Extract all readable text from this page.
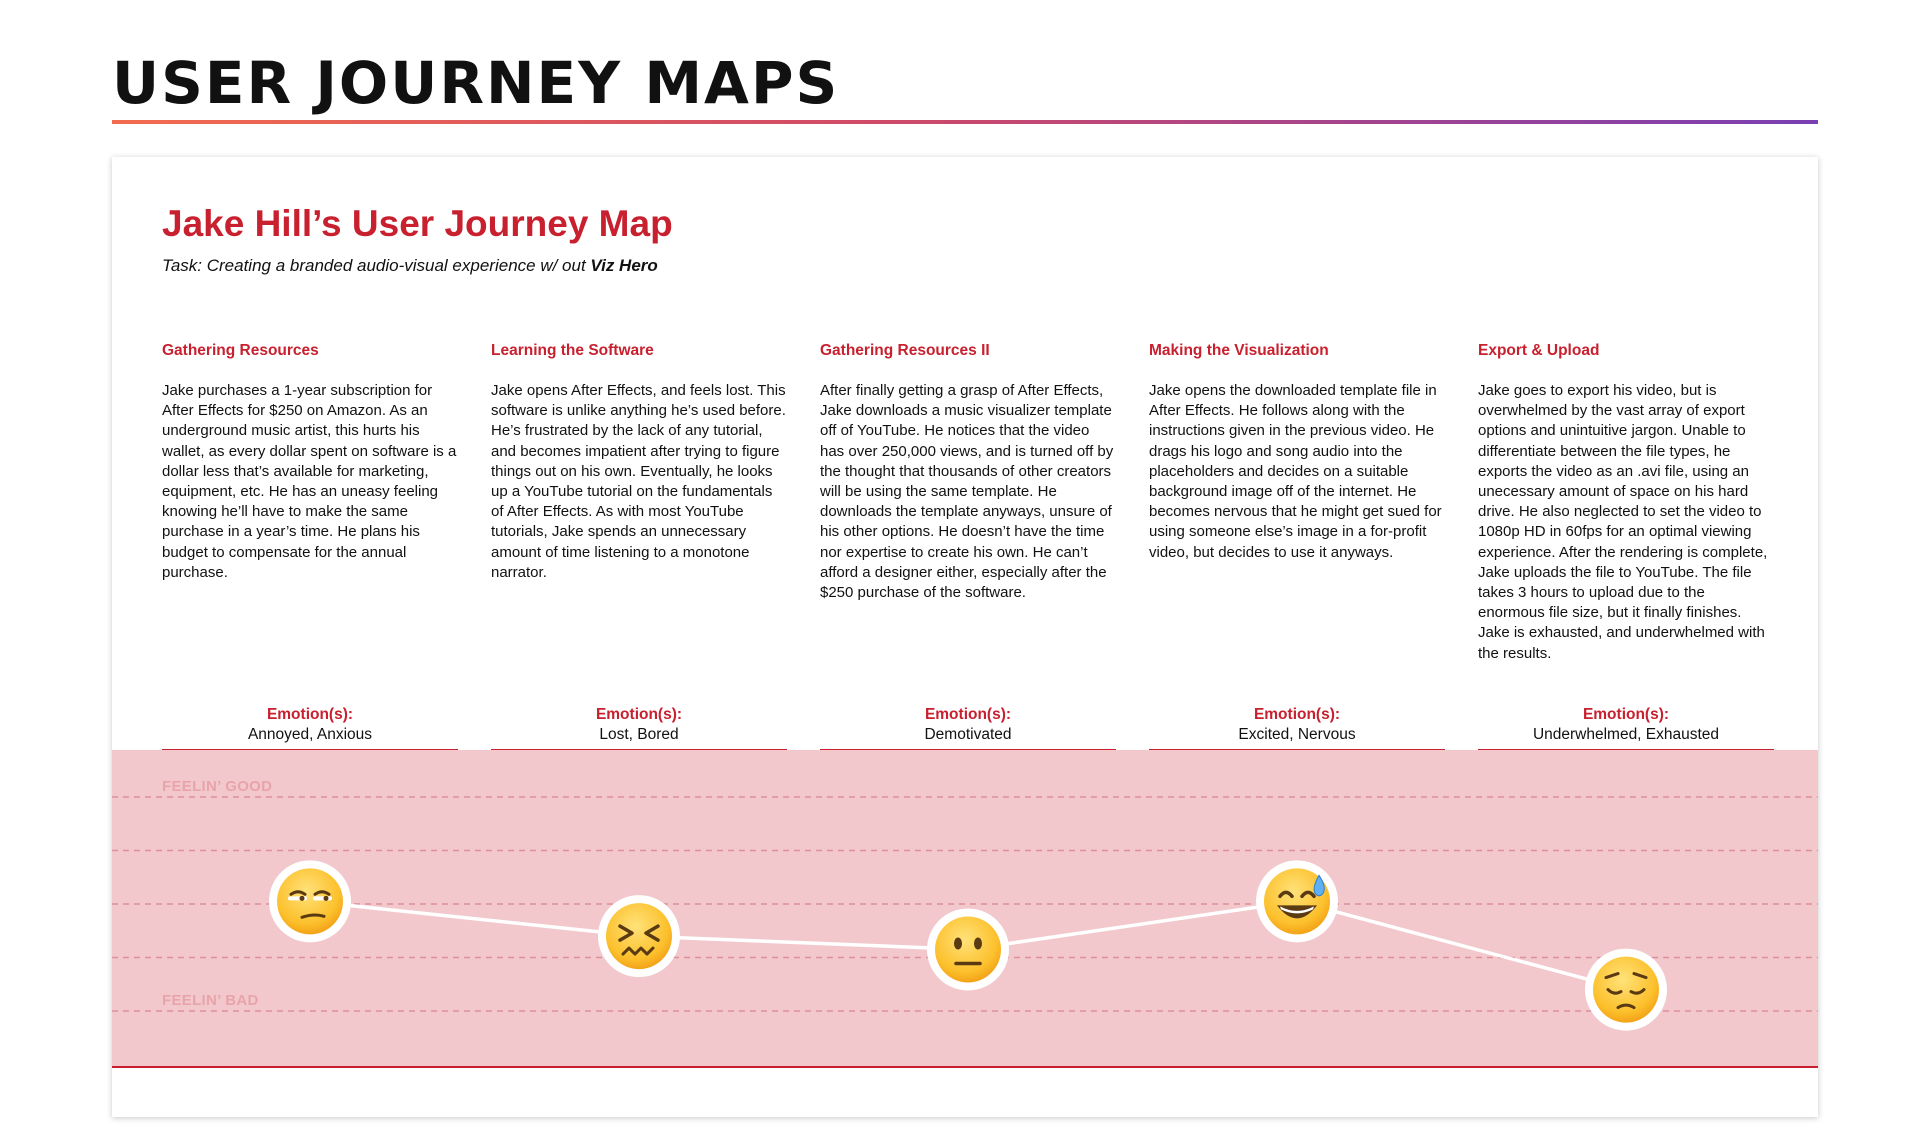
USER JOURNEY MAPS
Jake Hill’s User Journey Map
Task: Creating a branded audio-visual experience w/ out Viz Hero
Gathering Resources
Jake purchases a 1-year subscription for After Effects for $250 on Amazon. As an underground music artist, this hurts his wallet, as every dollar spent on software is a dollar less that’s available for marketing, equipment, etc. He has an uneasy feeling knowing he’ll have to make the same purchase in a year’s time. He plans his budget to compensate for the annual purchase.
Learning the Software
Jake opens After Effects, and feels lost. This software is unlike anything he’s used before. He’s frustrated by the lack of any tutorial, and becomes impatient after trying to figure things out on his own. Eventually, he looks up a YouTube tutorial on the fundamentals of After Effects. As with most YouTube tutorials, Jake spends an unnecessary amount of time listening to a monotone narrator.
Gathering Resources II
After finally getting a grasp of After Effects, Jake downloads a music visualizer template off of YouTube. He notices that the video has over 250,000 views, and is turned off by the thought that thousands of other creators will be using the same template. He downloads the template anyways, unsure of his other options. He doesn’t have the time nor expertise to create his own. He can’t afford a designer either, especially after the $250 purchase of the software.
Making the Visualization
Jake opens the downloaded template file in After Effects. He follows along with the instructions given in the previous video. He drags his logo and song audio into the placeholders and decides on a suitable background image off of the internet. He becomes nervous that he might get sued for using someone else’s image in a for-profit video, but decides to use it anyways.
Export & Upload
Jake goes to export his video, but is overwhelmed by the vast array of export options and unintuitive jargon. Unable to differentiate between the file types, he exports the video as an .avi file, using an unecessary amount of space on his hard drive. He also neglected to set the video to 1080p HD in 60fps for an optimal viewing experience. After the rendering is complete, Jake uploads the file to YouTube. The file takes 3 hours to upload due to the enormous file size, but it finally finishes. Jake is exhausted, and underwhelmed with the results.
Emotion(s):
Annoyed, Anxious
Emotion(s):
Lost, Bored
Emotion(s):
Demotivated
Emotion(s):
Excited, Nervous
Emotion(s):
Underwhelmed, Exhausted
FEELIN’ GOOD
FEELIN’ BAD
